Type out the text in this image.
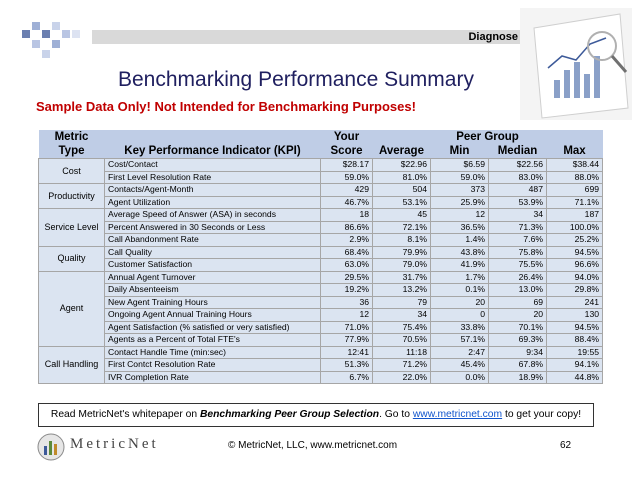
Diagnose
Benchmarking Performance Summary
Sample Data Only! Not Intended for Benchmarking Purposes!
Metric		Your	Peer Group			
Type	Key Performance Indicator (KPI)	Score	Average	Min	Median	Max
Cost	Cost/Contact	$28.17	$22.96	$6.59	$22.56	$38.44
	First Level Resolution Rate	59.0%	81.0%	59.0%	83.0%	88.0%
Productivity	Contacts/Agent-Month	429	504	373	487	699
	Agent Utilization	46.7%	53.1%	25.9%	53.9%	71.1%
Service Level	Average Speed of Answer (ASA) in seconds	18	45	12	34	187
	Percent Answered in 30 Seconds or Less	86.6%	72.1%	36.5%	71.3%	100.0%
	Call Abandonment Rate	2.9%	8.1%	1.4%	7.6%	25.2%
Quality	Call Quality	68.4%	79.9%	43.8%	75.8%	94.5%
	Customer Satisfaction	63.0%	79.0%	41.9%	75.5%	96.6%
Agent	Annual Agent Turnover	29.5%	31.7%	1.7%	26.4%	94.0%
	Daily Absenteeism	19.2%	13.2%	0.1%	13.0%	29.8%
	New Agent Training Hours	36	79	20	69	241
	Ongoing Agent Annual Training Hours	12	34	0	20	130
	Agent Satisfaction (% satisfied or very satisfied)	71.0%	75.4%	33.8%	70.1%	94.5%
	Agents as a Percent of Total FTE's	77.9%	70.5%	57.1%	69.3%	88.4%
Call Handling	Contact Handle Time (min:sec)	12:41	11:18	2:47	9:34	19:55
	First Contct Resolution Rate	51.3%	71.2%	45.4%	67.8%	94.1%
	IVR Completion Rate	6.7%	22.0%	0.0%	18.9%	44.8%
Read MetricNet's whitepaper on Benchmarking Peer Group Selection. Go to www.metricnet.com to get your copy!
MetricNet	© MetricNet, LLC, www.metricnet.com	62
